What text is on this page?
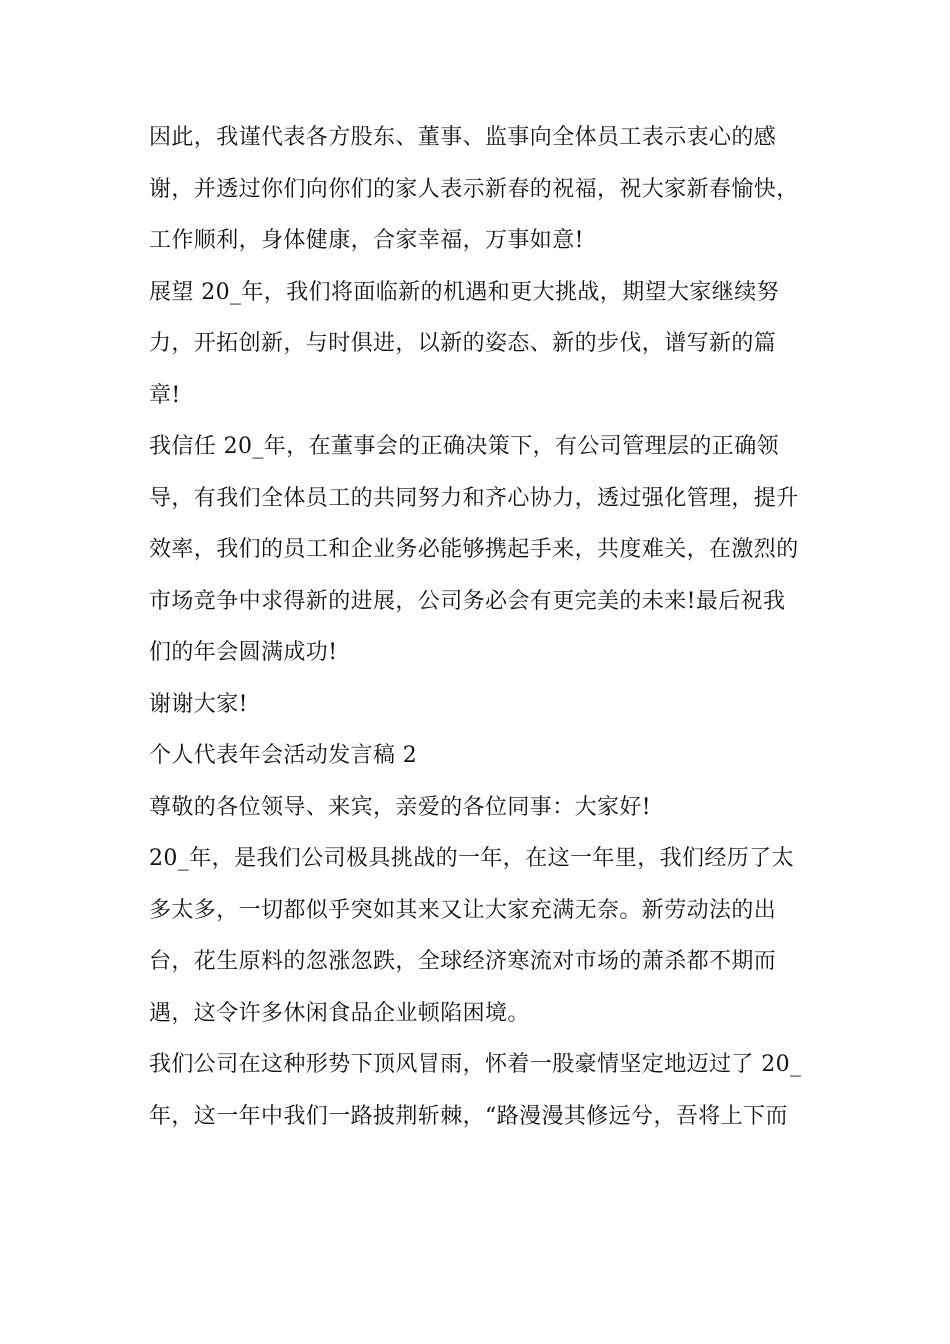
因此，我谨代表各方股东、董事、监事向全体员工表示衷心的感
谢，并透过你们向你们的家人表示新春的祝福，祝大家新春愉快，
工作顺利，身体健康，合家幸福，万事如意!
展望 20_年，我们将面临新的机遇和更大挑战，期望大家继续努
力，开拓创新，与时俱进，以新的姿态、新的步伐，谱写新的篇
章!
我信任 20_年，在董事会的正确决策下，有公司管理层的正确领
导，有我们全体员工的共同努力和齐心协力，透过强化管理，提升
效率，我们的员工和企业务必能够携起手来，共度难关，在激烈的
市场竞争中求得新的进展，公司务必会有更完美的未来!最后祝我
们的年会圆满成功!
谢谢大家!
个人代表年会活动发言稿 2
尊敬的各位领导、来宾，亲爱的各位同事：大家好!
20_年，是我们公司极具挑战的一年，在这一年里，我们经历了太
多太多，一切都似乎突如其来又让大家充满无奈。新劳动法的出
台，花生原料的忽涨忽跌，全球经济寒流对市场的萧杀都不期而
遇，这令许多休闲食品企业顿陷困境。
我们公司在这种形势下顶风冒雨，怀着一股豪情坚定地迈过了 20_
年，这一年中我们一路披荆斩棘，“路漫漫其修远兮，吾将上下而
